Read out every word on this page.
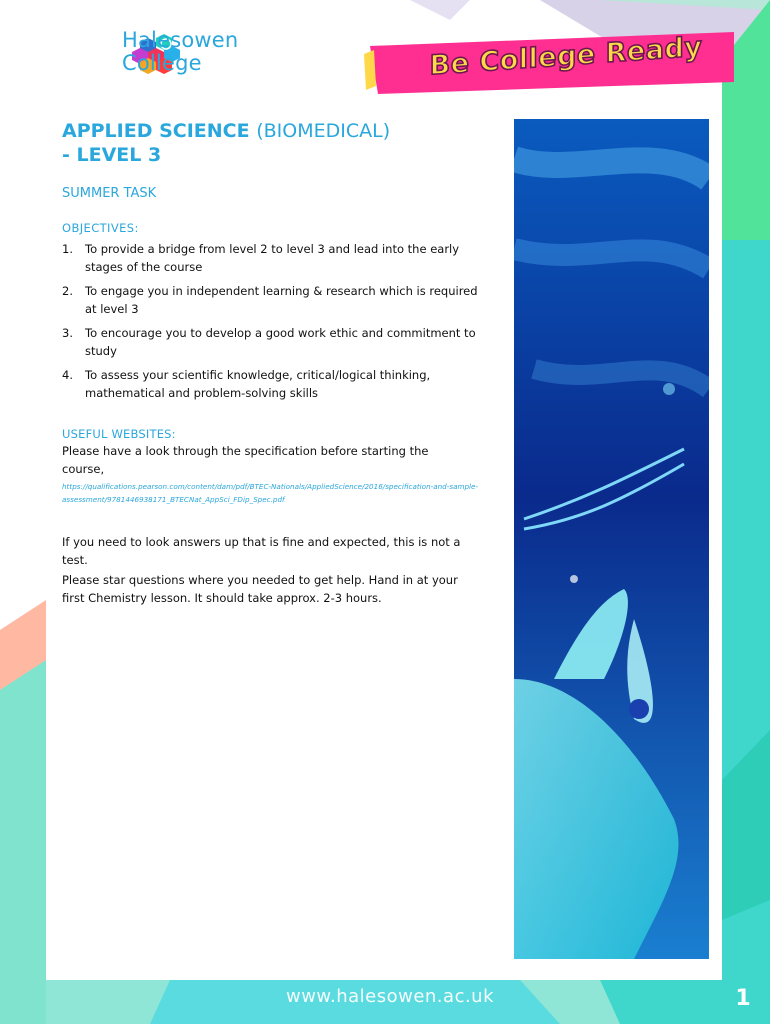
Halesowen
College	Be College Ready
APPLIED SCIENCE (BIOMEDICAL)
- LEVEL 3
SUMMER TASK
OBJECTIVES:
1. To provide a bridge from level 2 to level 3 and lead into the early stages of the course
2. To engage you in independent learning & research which is required at level 3
3. To encourage you to develop a good work ethic and commitment to study
4. To assess your scientific knowledge, critical/logical thinking, mathematical and problem-solving skills
USEFUL WEBSITES:

Please have a look through the specification before starting the course,

https://qualifications.pearson.com/content/dam/pdf/BTEC-Nationals/AppliedScience/2016/specification-and-sample-assessment/9781446938171_BTECNat_AppSci_FDip_Spec.pdf

If you need to look answers up that is fine and expected, this is not a test.

Please star questions where you needed to get help. Hand in at your first Chemistry lesson. It should take approx. 2-3 hours.

www.halesowen.ac.uk	1
